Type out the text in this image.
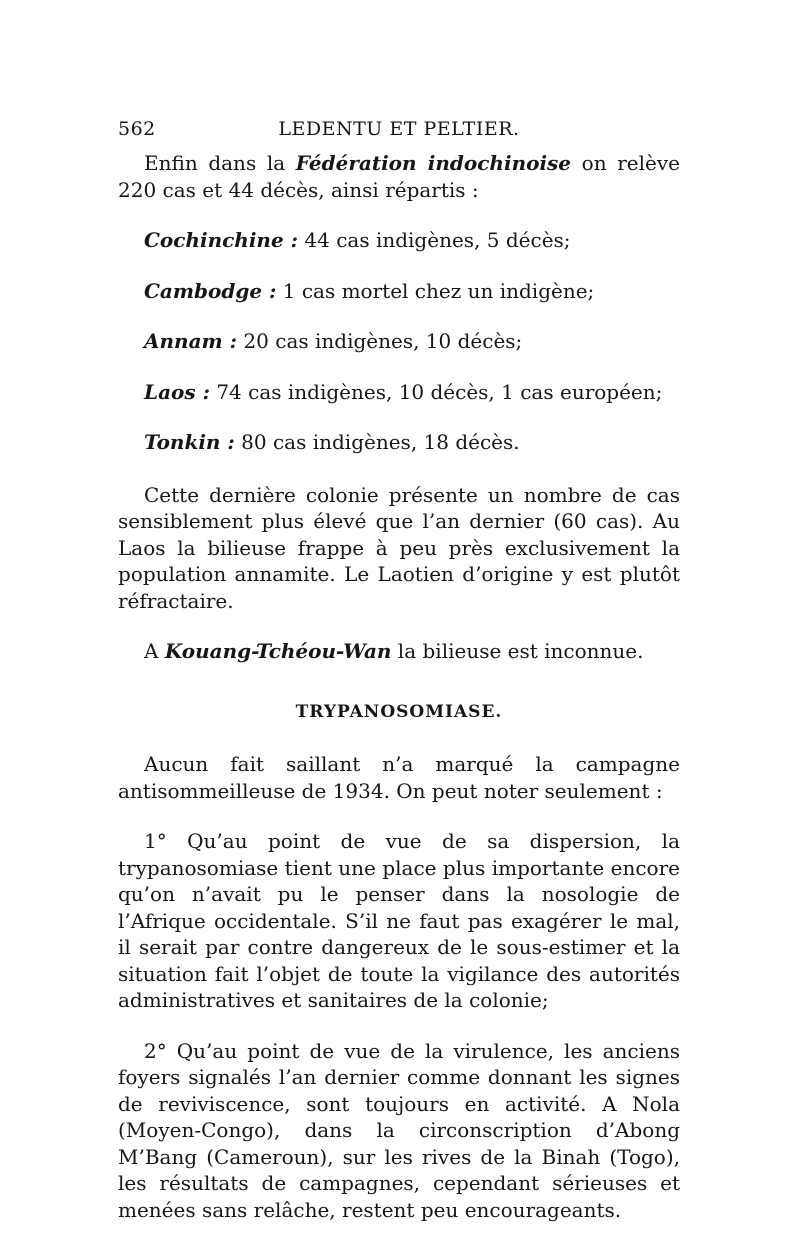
562	LEDENTU ET PELTIER.

Enfin dans la Fédération indochinoise on relève 220 cas et 44 décès, ainsi répartis :

Cochinchine : 44 cas indigènes, 5 décès;

Cambodge : 1 cas mortel chez un indigène;

Annam : 20 cas indigènes, 10 décès;

Laos : 74 cas indigènes, 10 décès, 1 cas européen;

Tonkin : 80 cas indigènes, 18 décès.

Cette dernière colonie présente un nombre de cas sensiblement plus élevé que l’an dernier (60 cas). Au Laos la bilieuse frappe à peu près exclusivement la population annamite. Le Laotien d’origine y est plutôt réfractaire.

A Kouang-Tchéou-Wan la bilieuse est inconnue.

TRYPANOSOMIASE.

Aucun fait saillant n’a marqué la campagne antisommeilleuse de 1934. On peut noter seulement :

1° Qu’au point de vue de sa dispersion, la trypanosomiase tient une place plus importante encore qu’on n’avait pu le penser dans la nosologie de l’Afrique occidentale. S’il ne faut pas exagérer le mal, il serait par contre dangereux de le sous-estimer et la situation fait l’objet de toute la vigilance des autorités administratives et sanitaires de la colonie;

2° Qu’au point de vue de la virulence, les anciens foyers signalés l’an dernier comme donnant les signes de reviviscence, sont toujours en activité. A Nola (Moyen-Congo), dans la circonscription d’Abong M’Bang (Cameroun), sur les rives de la Binah (Togo), les résultats de campagnes, cependant sérieuses et menées sans relâche, restent peu encourageants.
